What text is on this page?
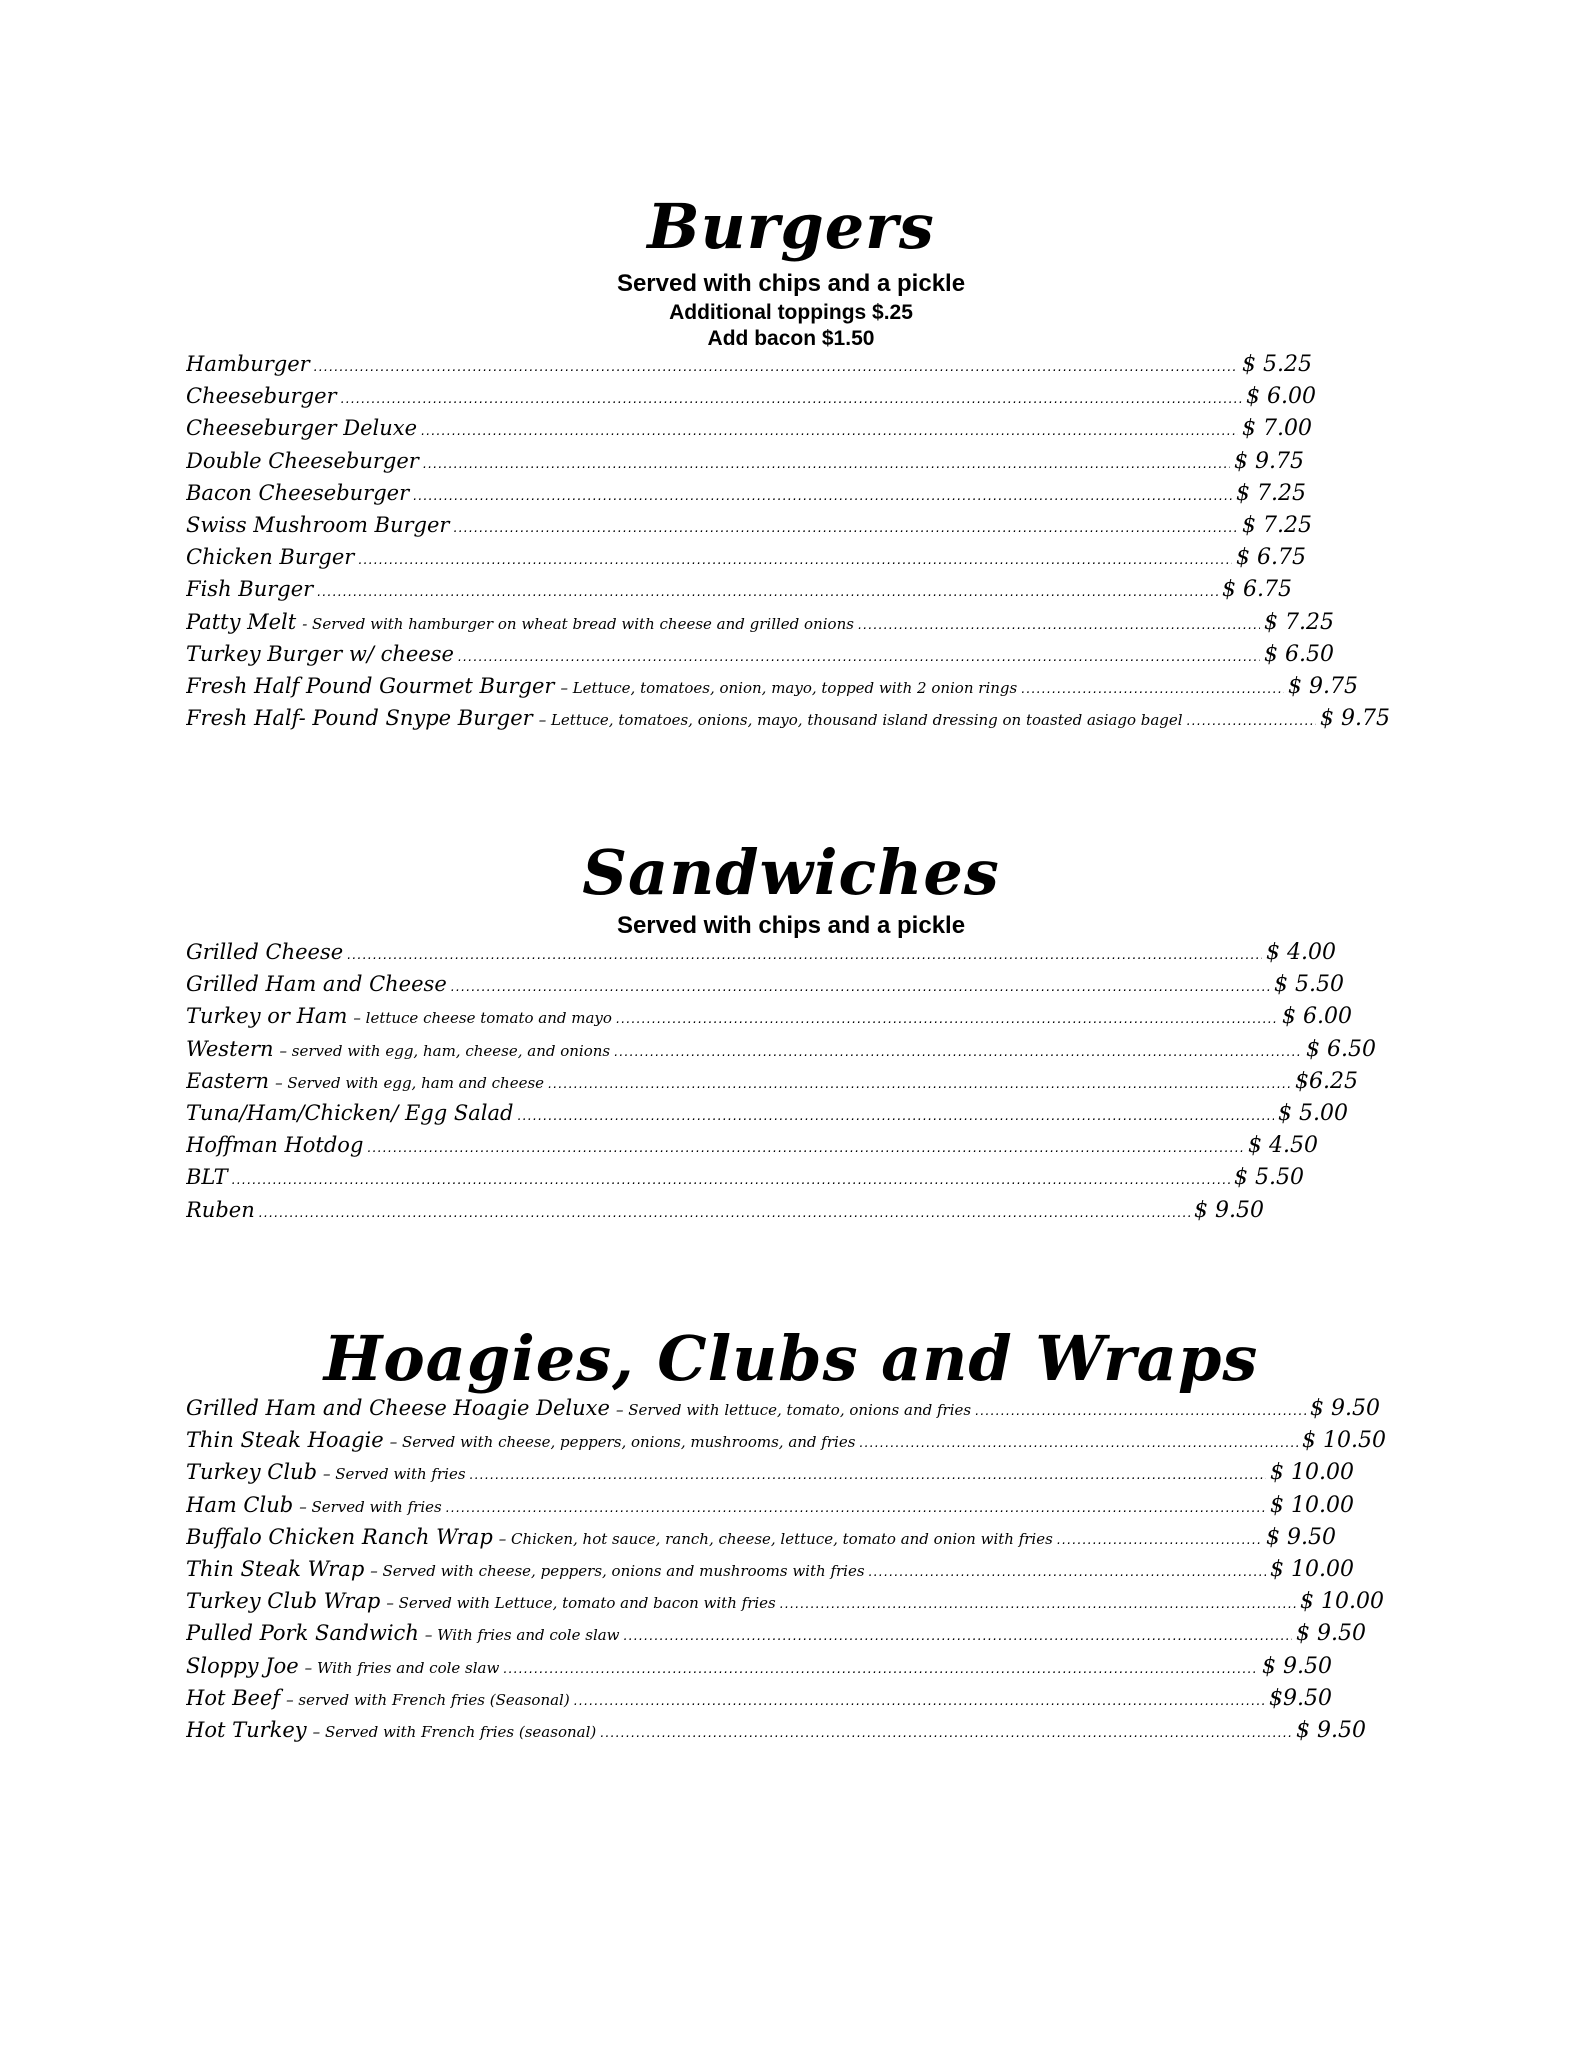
Burgers
Served with chips and a pickle
Additional toppings $.25
Add bacon $1.50
Hamburger .....	$ 5.25
Cheeseburger .....	$ 6.00
Cheeseburger Deluxe .....	$ 7.00
Double Cheeseburger .....	$ 9.75
Bacon Cheeseburger .....	$ 7.25
Swiss Mushroom Burger .....	$ 7.25
Chicken Burger .....	$ 6.75
Fish Burger .....	$ 6.75
Patty Melt - Served with hamburger on wheat bread with cheese and grilled onions .....	$ 7.25
Turkey Burger w/ cheese .....	$ 6.50
Fresh Half Pound Gourmet Burger – Lettuce, tomatoes, onion, mayo, topped with 2 onion rings .....	$ 9.75
Fresh Half- Pound Snype Burger – Lettuce, tomatoes, onions, mayo, thousand island dressing on toasted asiago bagel .....	$ 9.75
Sandwiches
Served with chips and a pickle
Grilled Cheese .....	$ 4.00
Grilled Ham and Cheese .....	$ 5.50
Turkey or Ham – lettuce cheese tomato and mayo .....	$ 6.00
Western – served with egg, ham, cheese, and onions .....	$ 6.50
Eastern – Served with egg, ham and cheese .....	$6.25
Tuna/Ham/Chicken/ Egg Salad .....	$ 5.00
Hoffman Hotdog .....	$ 4.50
BLT .....	$ 5.50
Ruben .....	$ 9.50
Hoagies, Clubs and Wraps
Grilled Ham and Cheese Hoagie Deluxe – Served with lettuce, tomato, onions and fries .....	$ 9.50
Thin Steak Hoagie – Served with cheese, peppers, onions, mushrooms, and fries .....	$ 10.50
Turkey Club – Served with fries .....	$ 10.00
Ham Club – Served with fries .....	$ 10.00
Buffalo Chicken Ranch Wrap – Chicken, hot sauce, ranch, cheese, lettuce, tomato and onion with fries .....	$ 9.50
Thin Steak Wrap – Served with cheese, peppers, onions and mushrooms with fries .....	$ 10.00
Turkey Club Wrap – Served with Lettuce, tomato and bacon with fries .....	$ 10.00
Pulled Pork Sandwich – With fries and cole slaw .....	$ 9.50
Sloppy Joe – With fries and cole slaw .....	$ 9.50
Hot Beef – served with French fries (Seasonal) .....	$9.50
Hot Turkey – Served with French fries (seasonal) .....	$ 9.50
